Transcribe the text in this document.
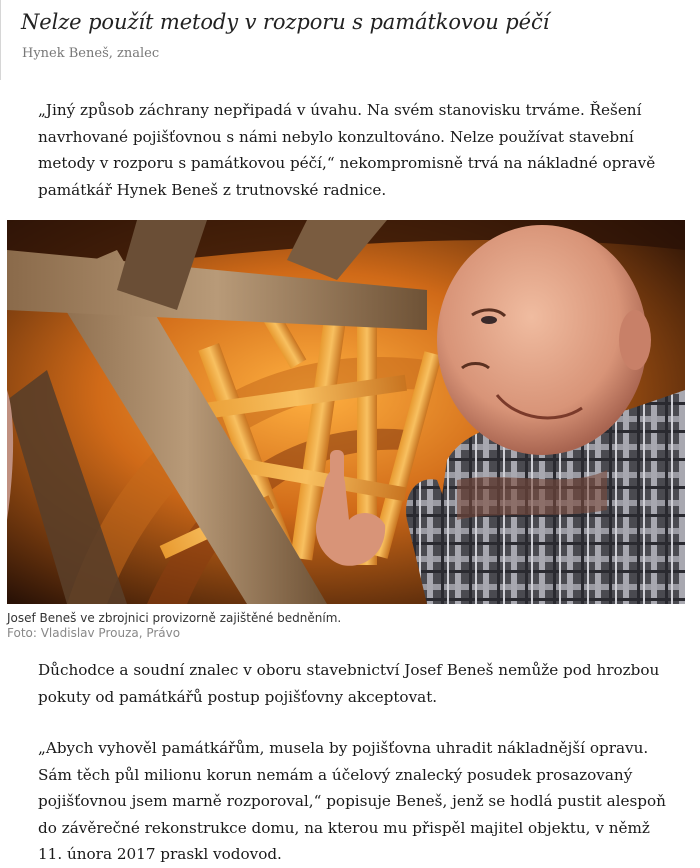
Nelze použít metody v rozporu s památkovou péčí
Hynek Beneš, znalec

„Jiný způsob záchrany nepřipadá v úvahu. Na svém stanovisku trváme. Řešení
navrhované pojišťovnou s námi nebylo konzultováno. Nelze používat stavební
metody v rozporu s památkovou péčí,“ nekompromisně trvá na nákladné opravě
památkář Hynek Beneš z trutnovské radnice.

Josef Beneš ve zbrojnici provizorně zajištěné bedněním.
Foto: Vladislav Prouza, Právo

Důchodce a soudní znalec v oboru stavebnictví Josef Beneš nemůže pod hrozbou
pokuty od památkářů postup pojišťovny akceptovat.

„Abych vyhověl památkářům, musela by pojišťovna uhradit nákladnější opravu.
Sám těch půl milionu korun nemám a účelový znalecký posudek prosazovaný
pojišťovnou jsem marně rozporoval,“ popisuje Beneš, jenž se hodlá pustit alespoň
do závěrečné rekonstrukce domu, na kterou mu přispěl majitel objektu, v němž
11. února 2017 praskl vodovod.
